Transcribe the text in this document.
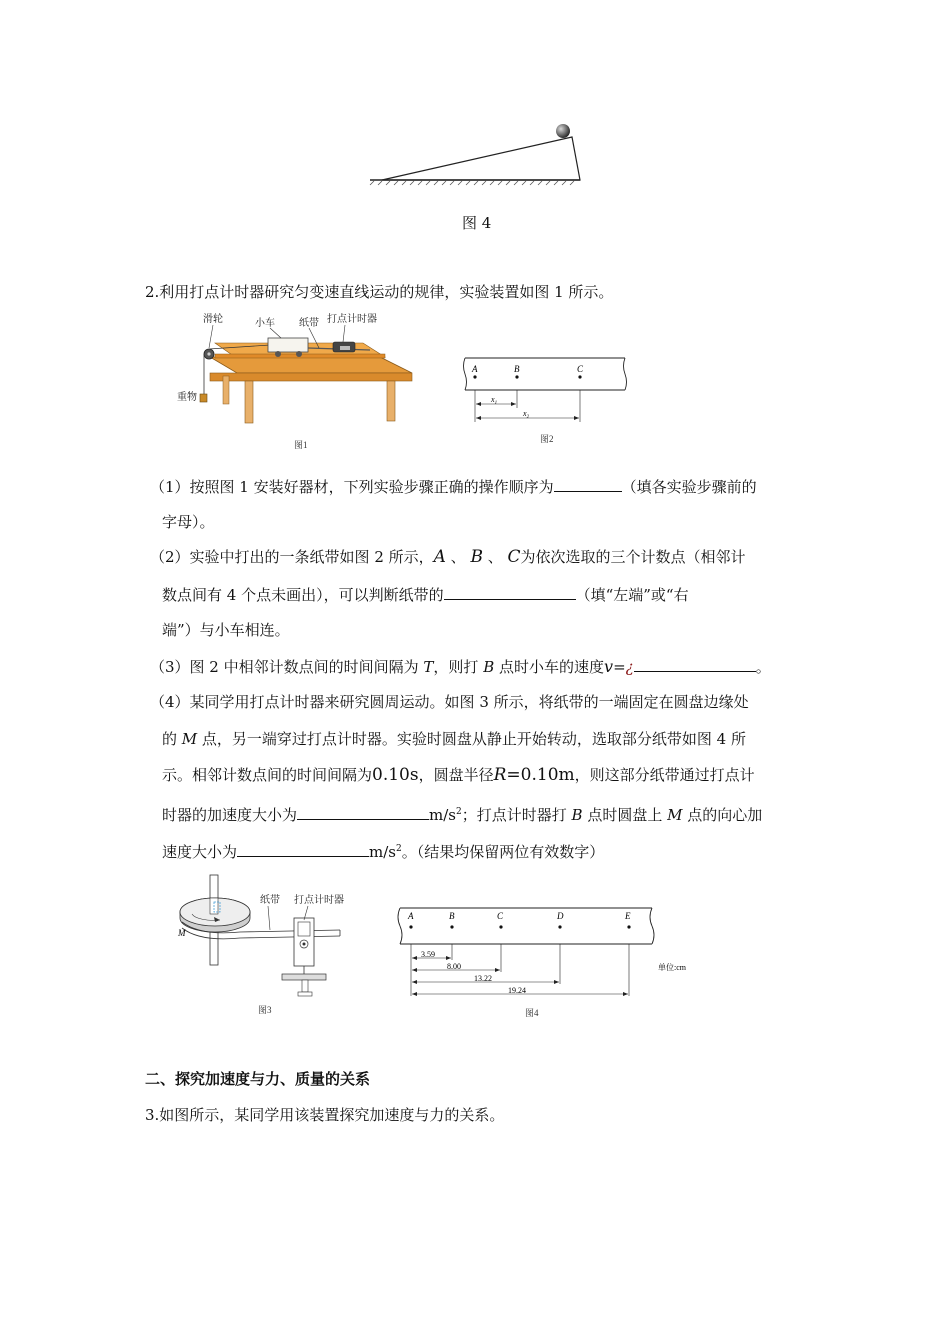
图 4
2.利用打点计时器研究匀变速直线运动的规律，实验装置如图 1 所示。
滑轮	小车 纸带 打点计时器
重物
图1
A	B	C
$x_1$
$x_2$
图2
（1）按照图 1 安装好器材，下列实验步骤正确的操作顺序为	（填各实验步骤前的
字母）。
（2）实验中打出的一条纸带如图 2 所示，A 、 B 、 C为依次选取的三个计数点（相邻计
数点间有 4 个点未画出），可以判断纸带的	（填“左端”或“右
端”）与小车相连。
（3）图 2 中相邻计数点间的时间间隔为 T，则打 B 点时小车的速度v=¿	。
（4）某同学用打点计时器来研究圆周运动。如图 3 所示，将纸带的一端固定在圆盘边缘处
的 M 点，另一端穿过打点计时器。实验时圆盘从静止开始转动，选取部分纸带如图 4 所
示。相邻计数点间的时间间隔为0.10s，圆盘半径R=0.10m，则这部分纸带通过打点计
时器的加速度大小为	$m/s^2$；打点计时器打 B 点时圆盘上 M 点的向心加
速度大小为	$m/s^2$。（结果均保留两位有效数字）
M
纸带 打点计时器
图3
A	B	C	D	E
3.59
8.00
13.22
19.24
单位:cm
图4
二、探究加速度与力、质量的关系
3.如图所示，某同学用该装置探究加速度与力的关系。
